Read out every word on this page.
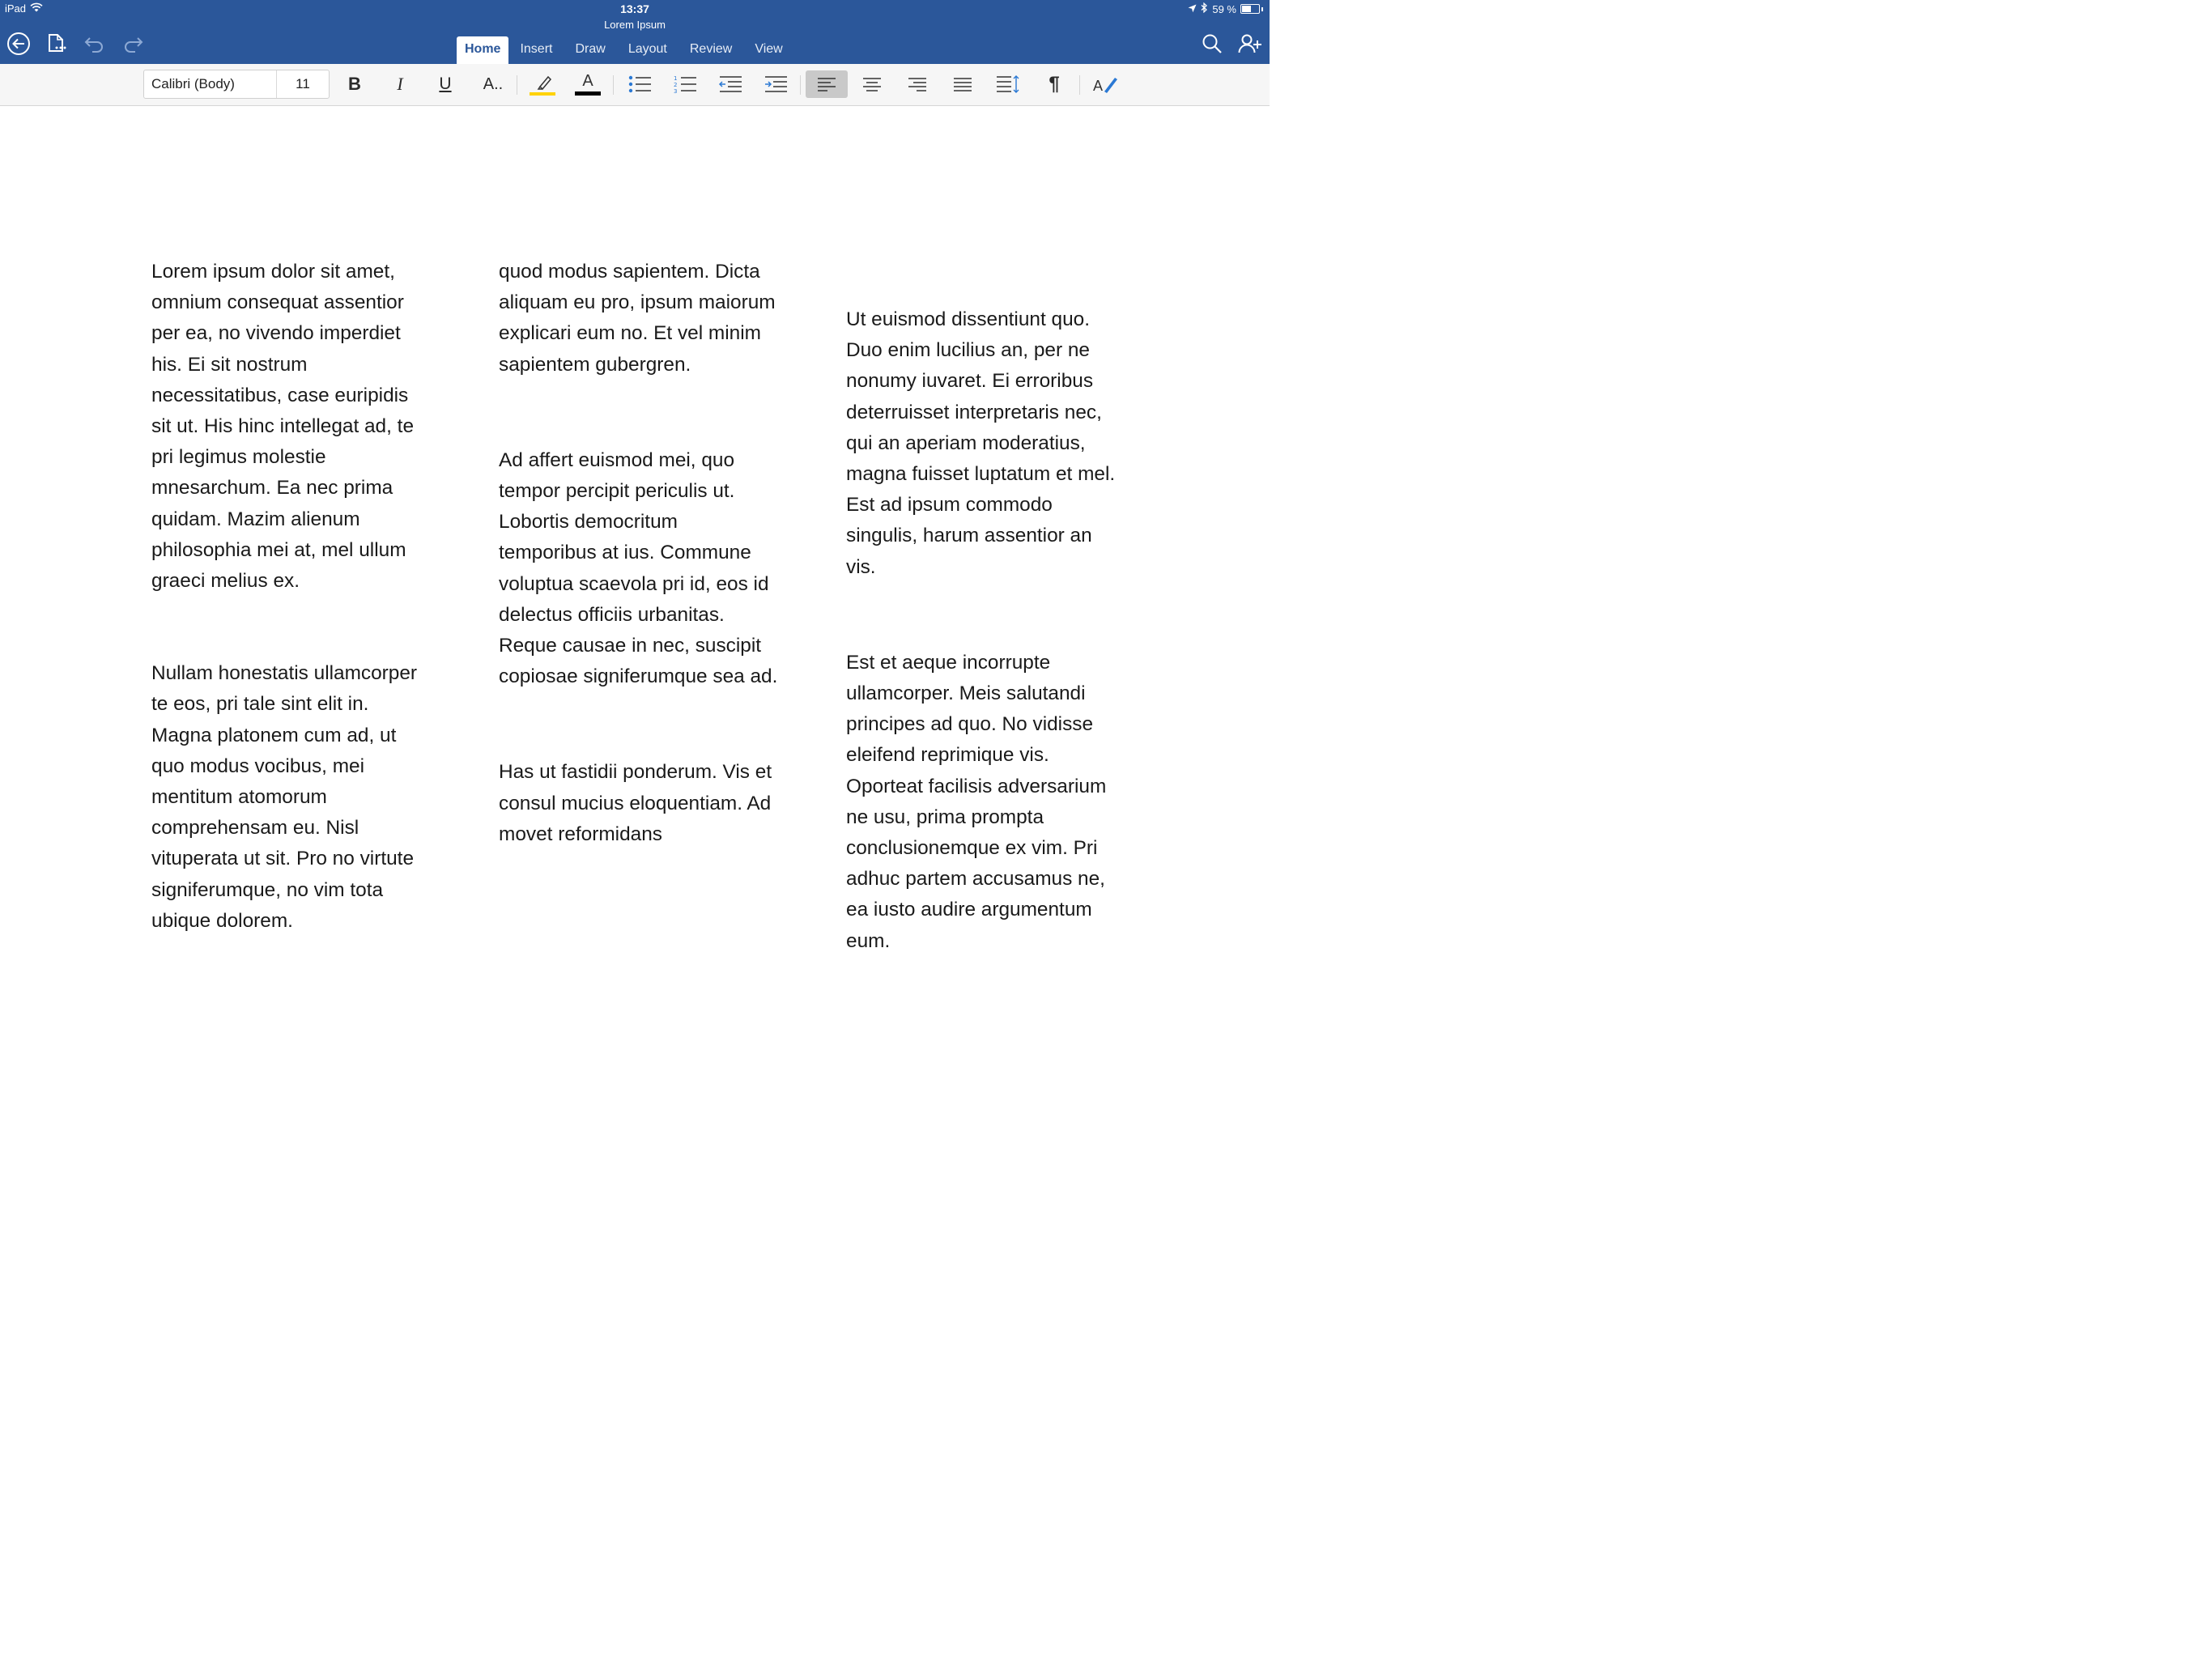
iPad	13:37
Lorem Ipsum
59 %
Home	Insert	Draw	Layout	Review	View
Calibri (Body)	11	B I U A..	A	1
2
3	¶ A

Lorem ipsum dolor sit amet, omnium consequat assentior per ea, no vivendo imperdiet his. Ei sit nostrum necessitatibus, case euripidis sit ut. His hinc intellegat ad, te pri legimus molestie mnesarchum. Ea nec prima quidam. Mazim alienum philosophia mei at, mel ullum graeci melius ex.

Nullam honestatis ullamcorper te eos, pri tale sint elit in. Magna platonem cum ad, ut quo modus vocibus, mei mentitum atomorum comprehensam eu. Nisl vituperata ut sit. Pro no virtute signiferumque, no vim tota ubique dolorem.

quod modus sapientem. Dicta aliquam eu pro, ipsum maiorum explicari eum no. Et vel minim sapientem gubergren.

Ad affert euismod mei, quo tempor percipit periculis ut. Lobortis democritum temporibus at ius. Commune voluptua scaevola pri id, eos id delectus officiis urbanitas. Reque causae in nec, suscipit copiosae signiferumque sea ad.

Has ut fastidii ponderum. Vis et consul mucius eloquentiam. Ad movet reformidans

Ut euismod dissentiunt quo. Duo enim lucilius an, per ne nonumy iuvaret. Ei erroribus deterruisset interpretaris nec, qui an aperiam moderatius, magna fuisset luptatum et mel. Est ad ipsum commodo singulis, harum assentior an vis.

Est et aeque incorrupte ullamcorper. Meis salutandi principes ad quo. No vidisse eleifend reprimique vis. Oporteat facilisis adversarium ne usu, prima prompta conclusionemque ex vim. Pri adhuc partem accusamus ne, ea iusto audire argumentum eum.
